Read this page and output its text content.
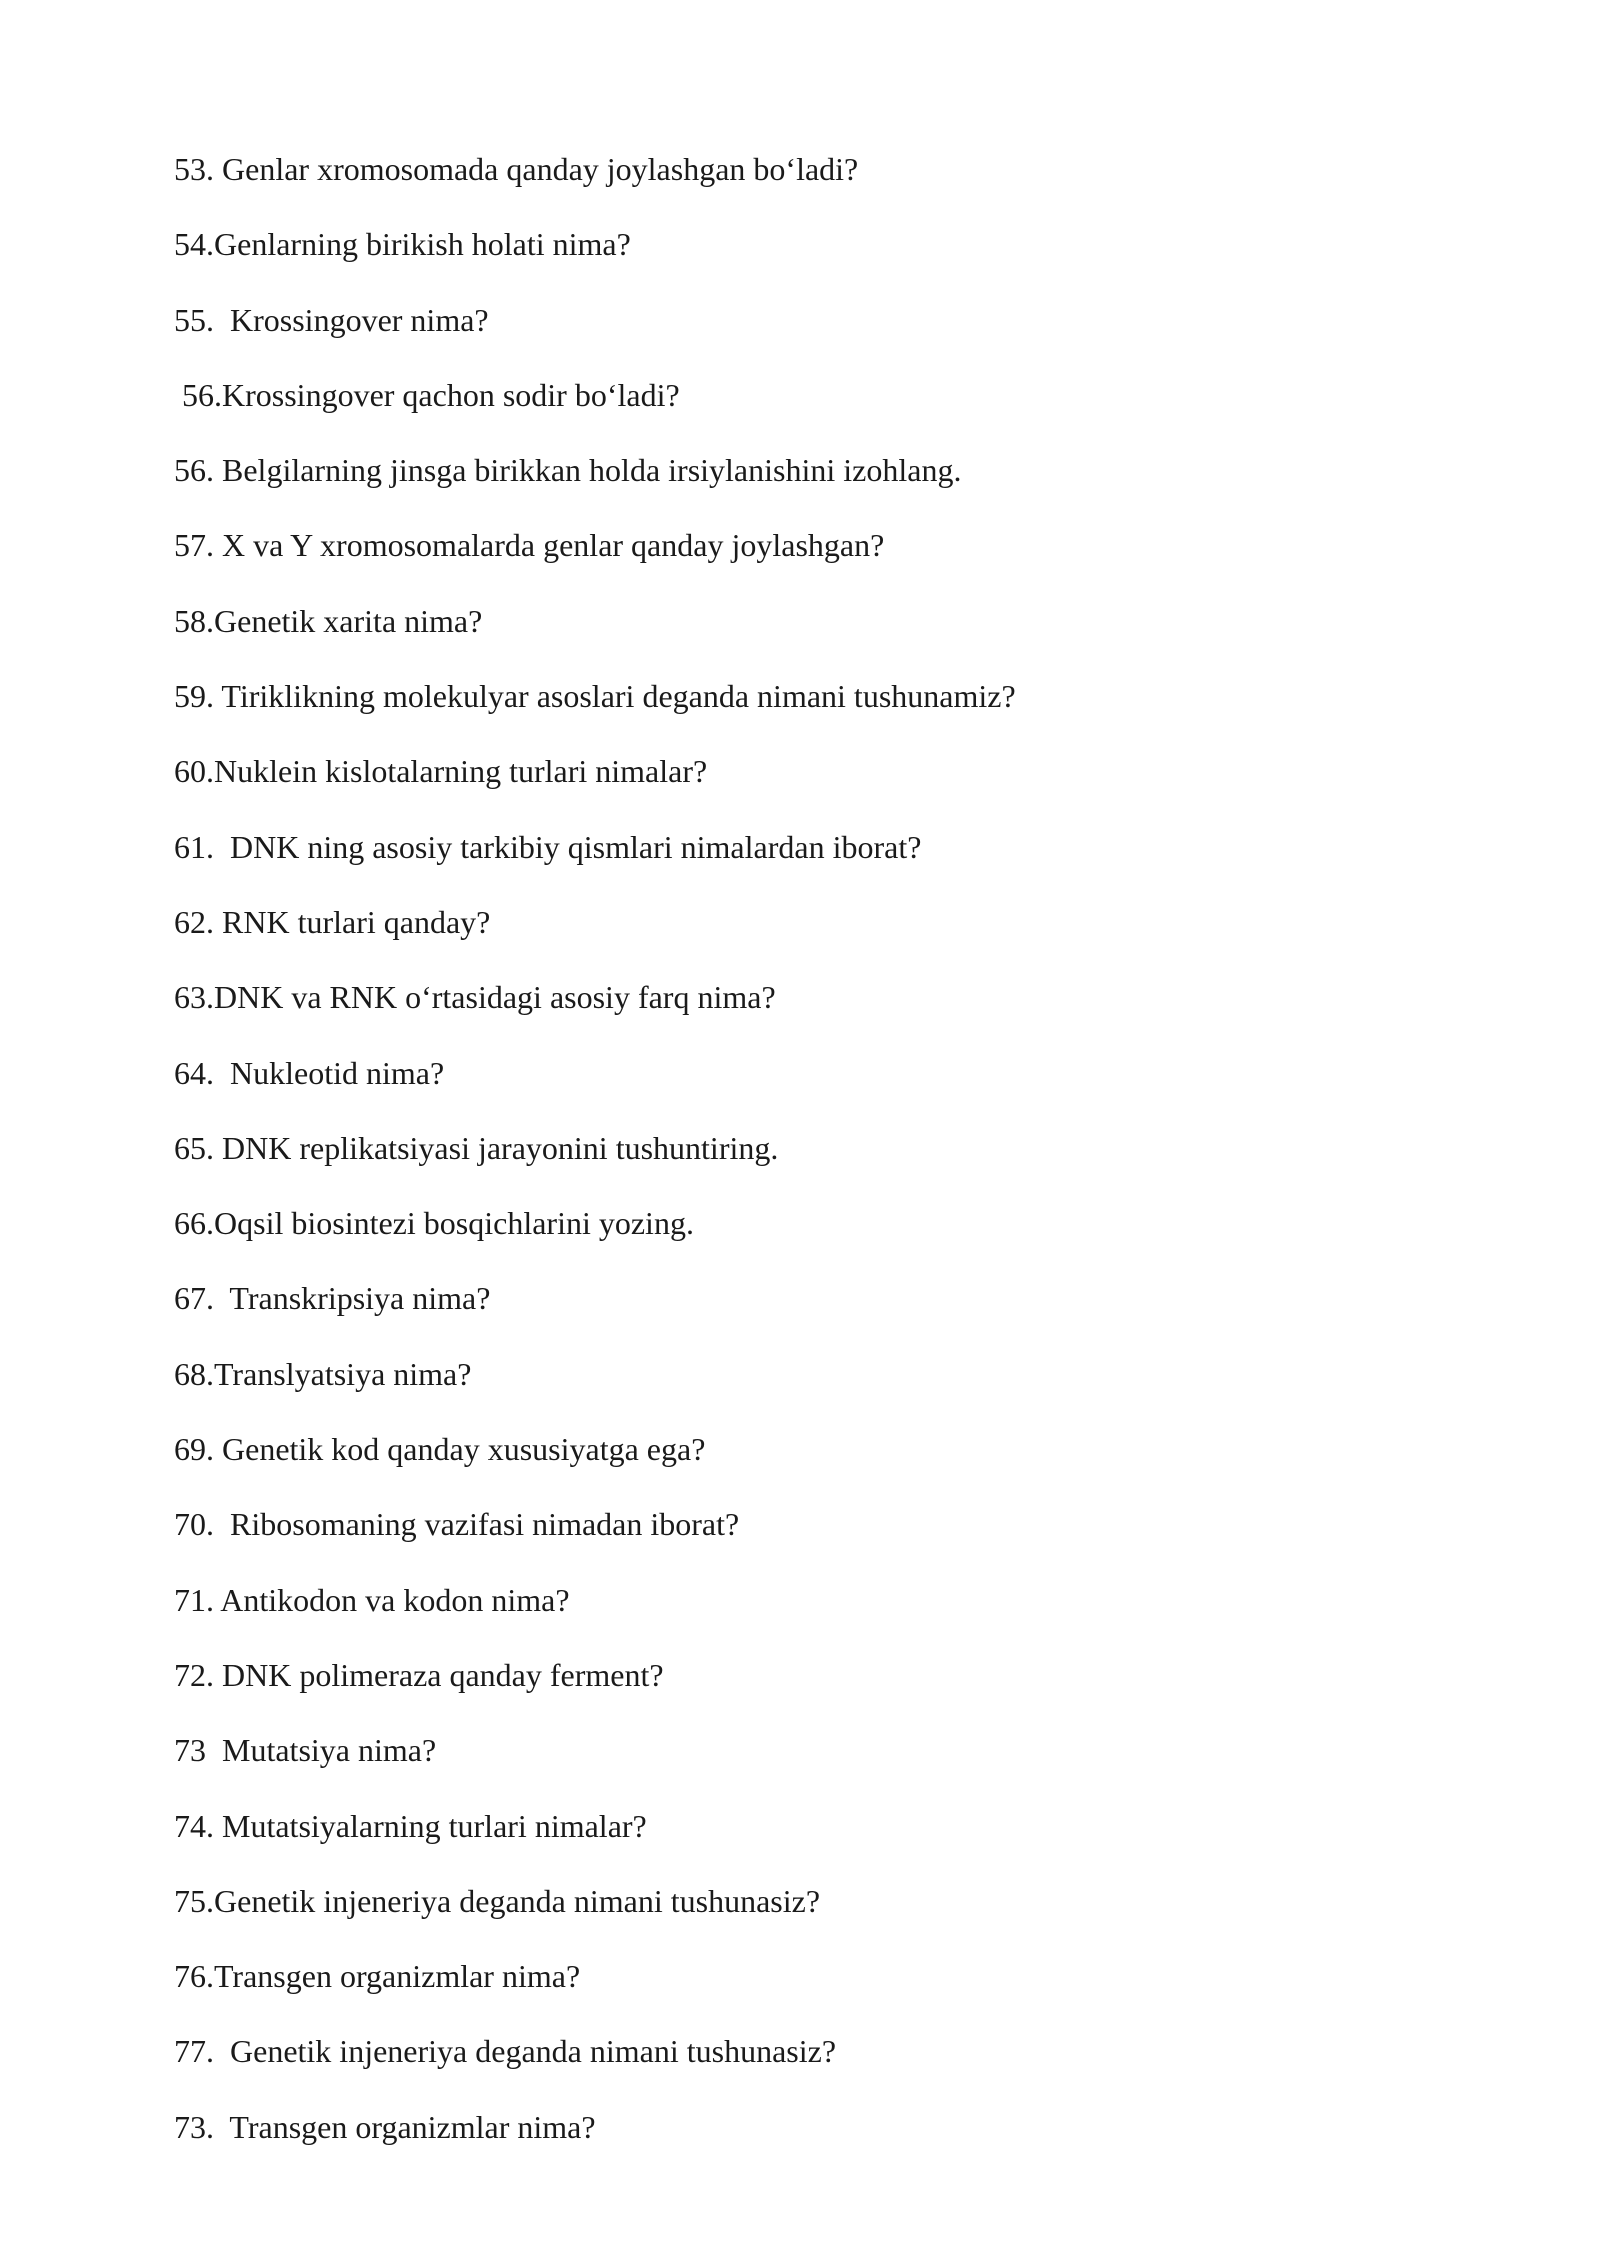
53. Genlar xromosomada qanday joylashgan bo‘ladi?
54.Genlarning birikish holati nima?
55.  Krossingover nima?
56.Krossingover qachon sodir bo‘ladi?
56. Belgilarning jinsga birikkan holda irsiylanishini izohlang.
57. X va Y xromosomalarda genlar qanday joylashgan?
58.Genetik xarita nima?
59. Tiriklikning molekulyar asoslari deganda nimani tushunamiz?
60.Nuklein kislotalarning turlari nimalar?
61.  DNK ning asosiy tarkibiy qismlari nimalardan iborat?
62. RNK turlari qanday?
63.DNK va RNK o‘rtasidagi asosiy farq nima?
64.  Nukleotid nima?
65. DNK replikatsiyasi jarayonini tushuntiring.
66.Oqsil biosintezi bosqichlarini yozing.
67.  Transkripsiya nima?
68.Translyatsiya nima?
69. Genetik kod qanday xususiyatga ega?
70.  Ribosomaning vazifasi nimadan iborat?
71. Antikodon va kodon nima?
72. DNK polimeraza qanday ferment?
73  Mutatsiya nima?
74. Mutatsiyalarning turlari nimalar?
75.Genetik injeneriya deganda nimani tushunasiz?
76.Transgen organizmlar nima?
77.  Genetik injeneriya deganda nimani tushunasiz?
73.  Transgen organizmlar nima?
